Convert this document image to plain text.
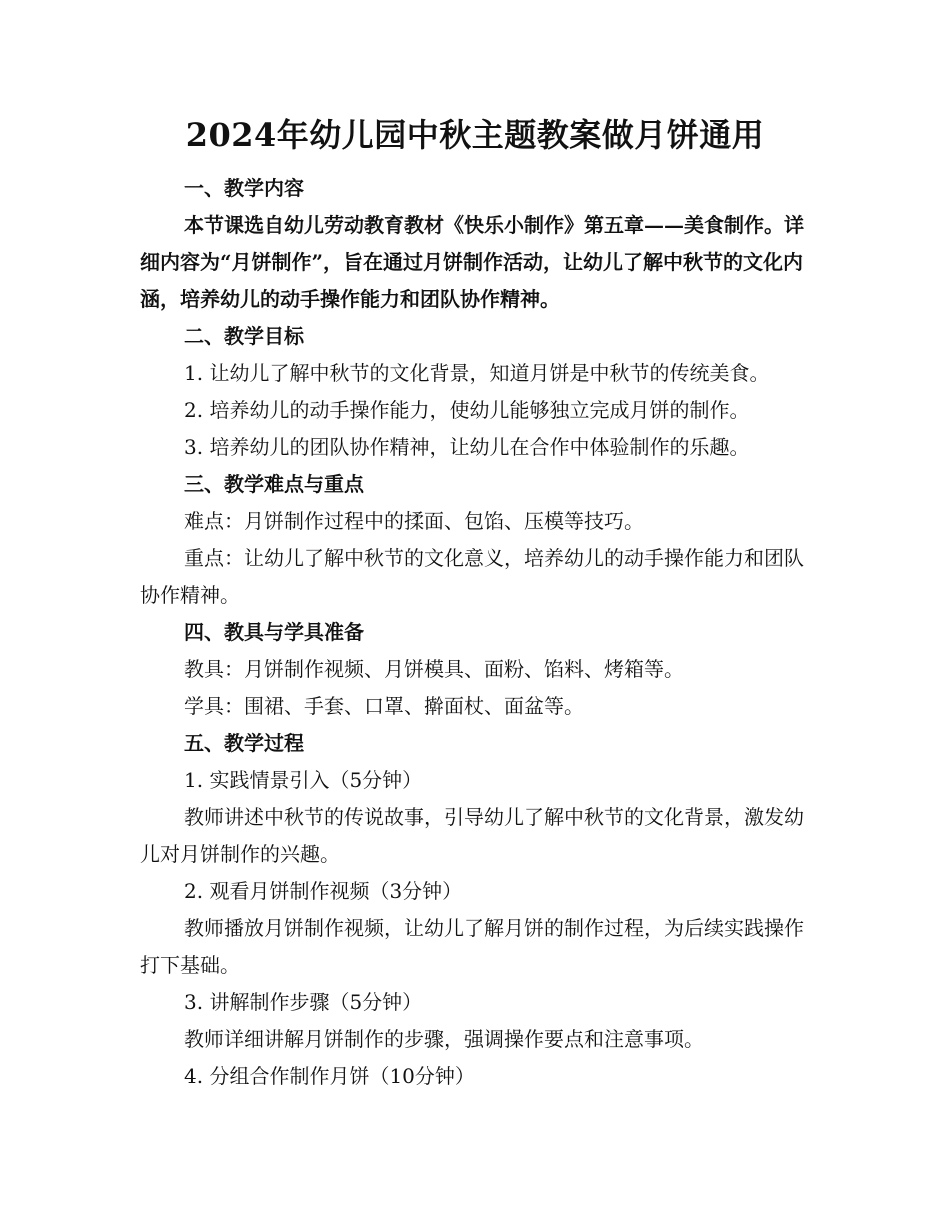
2024年幼儿园中秋主题教案做月饼通用

一、教学内容

本节课选自幼儿劳动教育教材《快乐小制作》第五章——美食制作。详细内容为“月饼制作”，旨在通过月饼制作活动，让幼儿了解中秋节的文化内涵，培养幼儿的动手操作能力和团队协作精神。

二、教学目标

1. 让幼儿了解中秋节的文化背景，知道月饼是中秋节的传统美食。

2. 培养幼儿的动手操作能力，使幼儿能够独立完成月饼的制作。

3. 培养幼儿的团队协作精神，让幼儿在合作中体验制作的乐趣。

三、教学难点与重点

难点：月饼制作过程中的揉面、包馅、压模等技巧。

重点：让幼儿了解中秋节的文化意义，培养幼儿的动手操作能力和团队协作精神。

四、教具与学具准备

教具：月饼制作视频、月饼模具、面粉、馅料、烤箱等。

学具：围裙、手套、口罩、擀面杖、面盆等。

五、教学过程

1. 实践情景引入（5分钟）

教师讲述中秋节的传说故事，引导幼儿了解中秋节的文化背景，激发幼儿对月饼制作的兴趣。

2. 观看月饼制作视频（3分钟）

教师播放月饼制作视频，让幼儿了解月饼的制作过程，为后续实践操作打下基础。

3. 讲解制作步骤（5分钟）

教师详细讲解月饼制作的步骤，强调操作要点和注意事项。

4. 分组合作制作月饼（10分钟）
